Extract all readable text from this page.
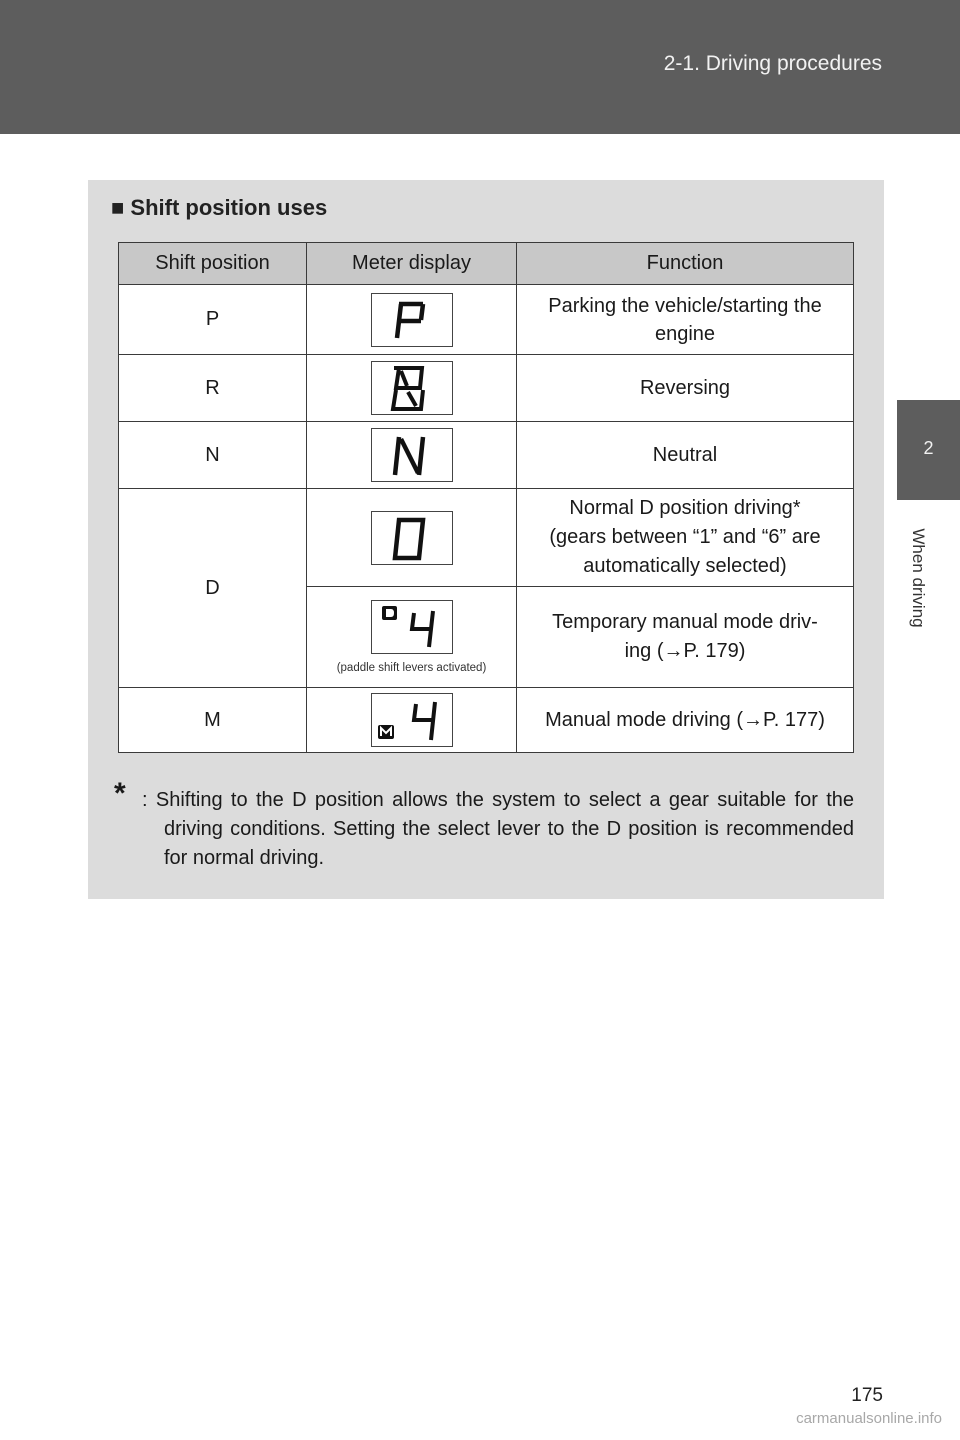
2-1. Driving procedures
2
When driving
■ Shift position uses
Shift position	Meter display	Function
P		Parking the vehicle/starting the engine
R		Reversing
N		Neutral
D		Normal D position driving*
(gears between “1” and “6” are
automatically selected)

	(paddle shift levers activated)	Temporary manual mode driv-
ing (→P. 179)

M		Manual mode driving (→P. 177)
* : Shifting to the D position allows the system to select a gear suitable for the driving conditions. Setting the select lever to the D position is recommended for normal driving.
175
carmanualsonline.info
